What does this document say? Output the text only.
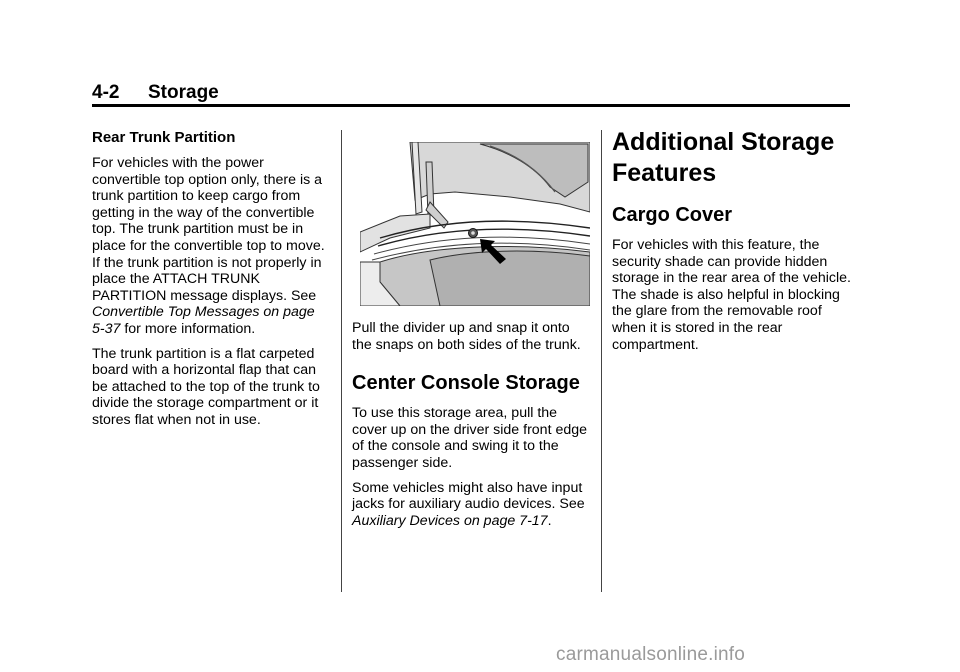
4-2 Storage
Rear Trunk Partition

For vehicles with the power convertible top option only, there is a trunk partition to keep cargo from getting in the way of the convertible top. The trunk partition must be in place for the convertible top to move. If the trunk partition is not properly in place the ATTACH TRUNK PARTITION message displays. See Convertible Top Messages on page 5-37 for more information.

The trunk partition is a flat carpeted board with a horizontal flap that can be attached to the top of the trunk to divide the storage compartment or it stores flat when not in use.

Pull the divider up and snap it onto the snaps on both sides of the trunk.

Center Console Storage

To use this storage area, pull the cover up on the driver side front edge of the console and swing it to the passenger side.

Some vehicles might also have input jacks for auxiliary audio devices. See Auxiliary Devices on page 7-17.

Additional Storage Features
Cargo Cover

For vehicles with this feature, the security shade can provide hidden storage in the rear area of the vehicle. The shade is also helpful in blocking the glare from the removable roof when it is stored in the rear compartment.

carmanualsonline.info
